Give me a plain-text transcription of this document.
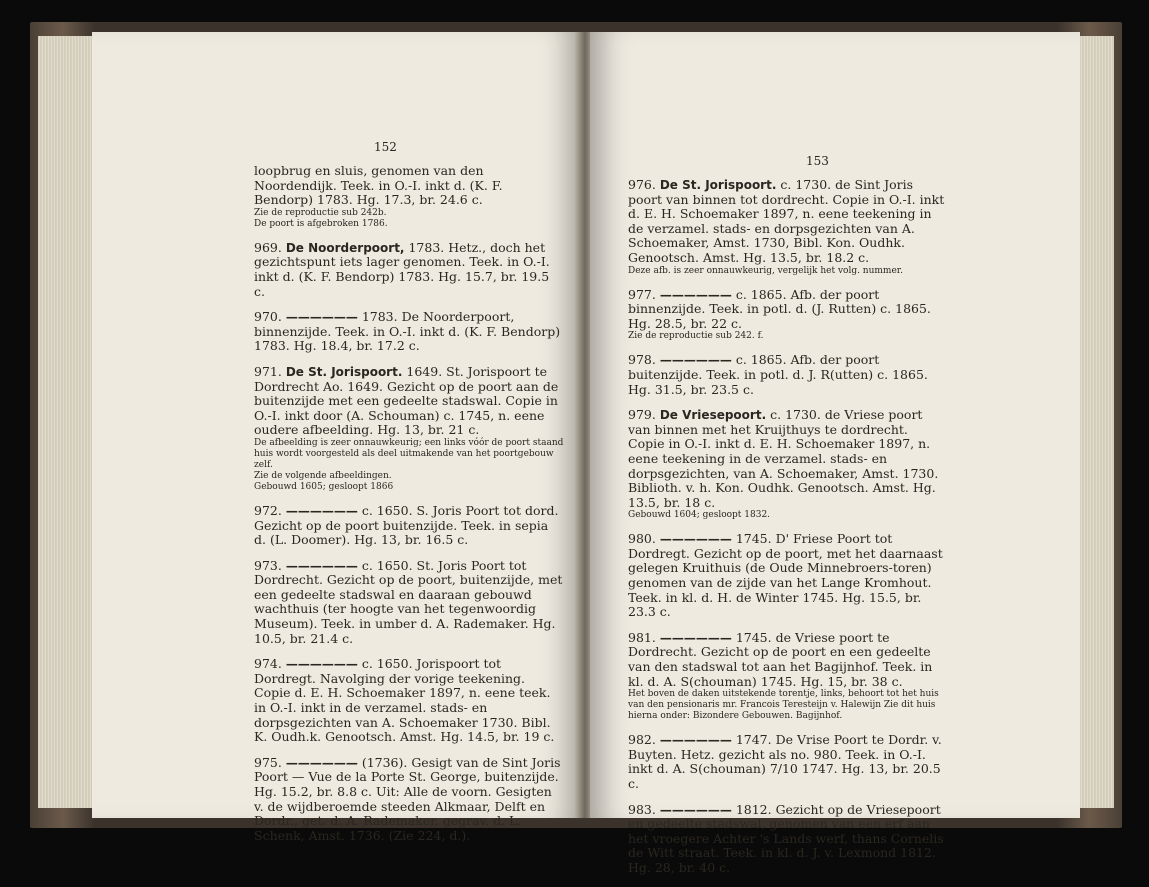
152
loopbrug en sluis, genomen van den Noordendijk. Teek. in O.-I. inkt d. (K. F. Bendorp) 1783. Hg. 17.3, br. 24.6 c.
Zie de reproductie sub 242b.
De poort is afgebroken 1786.
969. De Noorderpoort, 1783. Hetz., doch het gezichtspunt iets lager genomen. Teek. in O.-I. inkt d. (K. F. Bendorp) 1783. Hg. 15.7, br. 19.5 c.
970. —————— 1783. De Noorderpoort, binnenzijde. Teek. in O.-I. inkt d. (K. F. Bendorp) 1783. Hg. 18.4, br. 17.2 c.
971. De St. Jorispoort. 1649. St. Jorispoort te Dordrecht Ao. 1649. Gezicht op de poort aan de buitenzijde met een gedeelte stadswal. Copie in O.-I. inkt door (A. Schouman) c. 1745, n. eene oudere afbeelding. Hg. 13, br. 21 c.
De afbeelding is zeer onnauwkeurig; een links vóór de poort staand huis wordt voorgesteld als deel uitmakende van het poortgebouw zelf.
Zie de volgende afbeeldingen.
Gebouwd 1605; gesloopt 1866
972. —————— c. 1650. S. Joris Poort tot dord. Gezicht op de poort buitenzijde. Teek. in sepia d. (L. Doomer). Hg. 13, br. 16.5 c.
973. —————— c. 1650. St. Joris Poort tot Dordrecht. Gezicht op de poort, buitenzijde, met een gedeelte stadswal en daaraan gebouwd wachthuis (ter hoogte van het tegenwoordig Museum). Teek. in umber d. A. Rademaker. Hg. 10.5, br. 21.4 c.
974. —————— c. 1650. Jorispoort tot Dordregt. Navolging der vorige teekening. Copie d. E. H. Schoemaker 1897, n. eene teek. in O.-I. inkt in de verzamel. stads- en dorpsgezichten van A. Schoemaker 1730. Bibl. K. Oudh.k. Genootsch. Amst. Hg. 14.5, br. 19 c.
975. —————— (1736). Gesigt van de Sint Joris Poort — Vue de la Porte St. George, buitenzijde. Hg. 15.2, br. 8.8 c. Uit: Alle de voorn. Gesigten v. de wijdberoemde steeden Alkmaar, Delft en Dordr., get. d. A. Rademaker, gegrav. d. L. Schenk, Amst. 1736. (Zie 224, d.).
153
976. De St. Jorispoort. c. 1730. de Sint Joris poort van binnen tot dordrecht. Copie in O.-I. inkt d. E. H. Schoemaker 1897, n. eene teekening in de verzamel. stads- en dorpsgezichten van A. Schoemaker, Amst. 1730, Bibl. Kon. Oudhk. Genootsch. Amst. Hg. 13.5, br. 18.2 c.
Deze afb. is zeer onnauwkeurig, vergelijk het volg. nummer.
977. —————— c. 1865. Afb. der poort binnenzijde. Teek. in potl. d. (J. Rutten) c. 1865. Hg. 28.5, br. 22 c.
Zie de reproductie sub 242. f.
978. —————— c. 1865. Afb. der poort buitenzijde. Teek. in potl. d. J. R(utten) c. 1865. Hg. 31.5, br. 23.5 c.
979. De Vriesepoort. c. 1730. de Vriese poort van binnen met het Kruijthuys te dordrecht. Copie in O.-I. inkt d. E. H. Schoemaker 1897, n. eene teekening in de verzamel. stads- en dorpsgezichten, van A. Schoemaker, Amst. 1730. Biblioth. v. h. Kon. Oudhk. Genootsch. Amst. Hg. 13.5, br. 18 c.
Gebouwd 1604; gesloopt 1832.
980. —————— 1745. D' Friese Poort tot Dordregt. Gezicht op de poort, met het daarnaast gelegen Kruithuis (de Oude Minnebroers-toren) genomen van de zijde van het Lange Kromhout. Teek. in kl. d. H. de Winter 1745. Hg. 15.5, br. 23.3 c.
981. —————— 1745. de Vriese poort te Dordrecht. Gezicht op de poort en een gedeelte van den stadswal tot aan het Bagijnhof. Teek. in kl. d. A. S(chouman) 1745. Hg. 15, br. 38 c.
Het boven de daken uitstekende torentje, links, behoort tot het huis van den pensionaris mr. Francois Teresteijn v. Halewijn Zie dit huis hierna onder: Bizondere Gebouwen. Bagijnhof.
982. —————— 1747. De Vrise Poort te Dordr. v. Buyten. Hetz. gezicht als no. 980. Teek. in O.-I. inkt d. A. S(chouman) 7/10 1747. Hg. 13, br. 20.5 c.
983. —————— 1812. Gezicht op de Vriesepoort en gedeelte stadswal, genomen van een erf aan het vroegere Achter 's Lands werf, thans Cornelis de Witt straat. Teek. in kl. d. J. v. Lexmond 1812. Hg. 28, br. 40 c.
